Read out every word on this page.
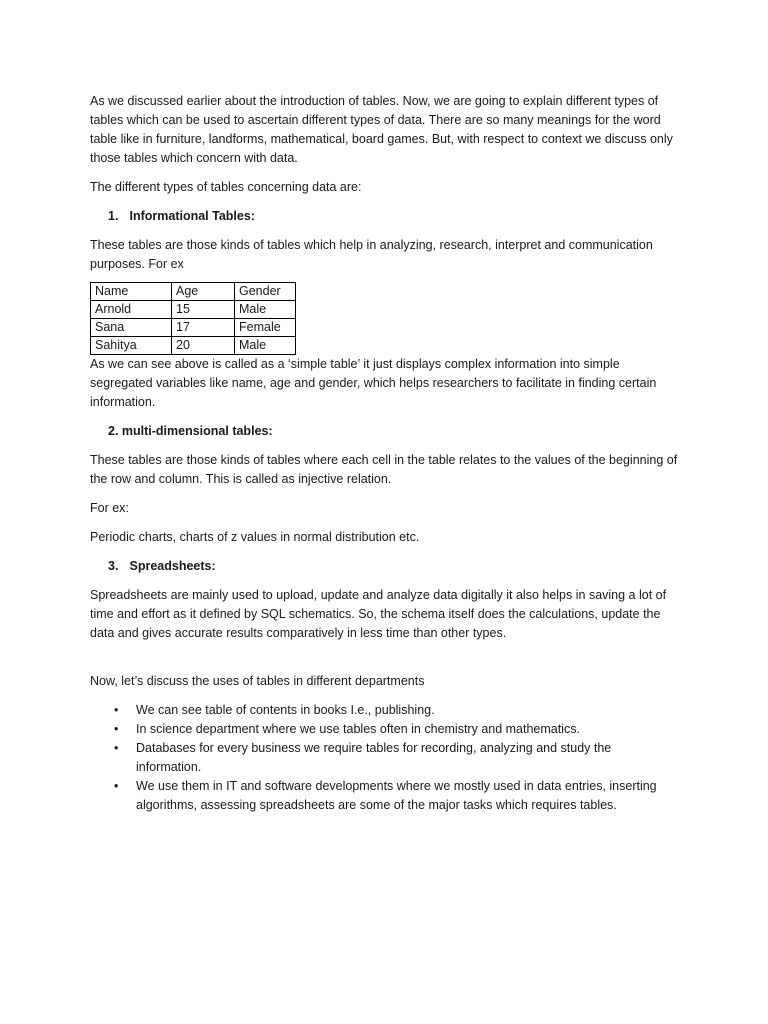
As we discussed earlier about the introduction of tables. Now, we are going to explain different types of tables which can be used to ascertain different types of data. There are so many meanings for the word table like in furniture, landforms, mathematical, board games. But, with respect to context we discuss only those tables which concern with data.

The different types of tables concerning data are:

1. Informational Tables:

These tables are those kinds of tables which help in analyzing, research, interpret and communication purposes. For ex

Name	Age	Gender
Arnold	15	Male
Sana	17	Female
Sahitya	20	Male

As we can see above is called as a ‘simple table’ it just displays complex information into simple segregated variables like name, age and gender, which helps researchers to facilitate in finding certain information.

2. multi-dimensional tables:

These tables are those kinds of tables where each cell in the table relates to the values of the beginning of the row and column. This is called as injective relation.

For ex:

Periodic charts, charts of z values in normal distribution etc.

3. Spreadsheets:

Spreadsheets are mainly used to upload, update and analyze data digitally it also helps in saving a lot of time and effort as it defined by SQL schematics. So, the schema itself does the calculations, update the data and gives accurate results comparatively in less time than other types.

Now, let’s discuss the uses of tables in different departments

• We can see table of contents in books I.e., publishing.
• In science department where we use tables often in chemistry and mathematics.
• Databases for every business we require tables for recording, analyzing and study the information.
• We use them in IT and software developments where we mostly used in data entries, inserting algorithms, assessing spreadsheets are some of the major tasks which requires tables.
